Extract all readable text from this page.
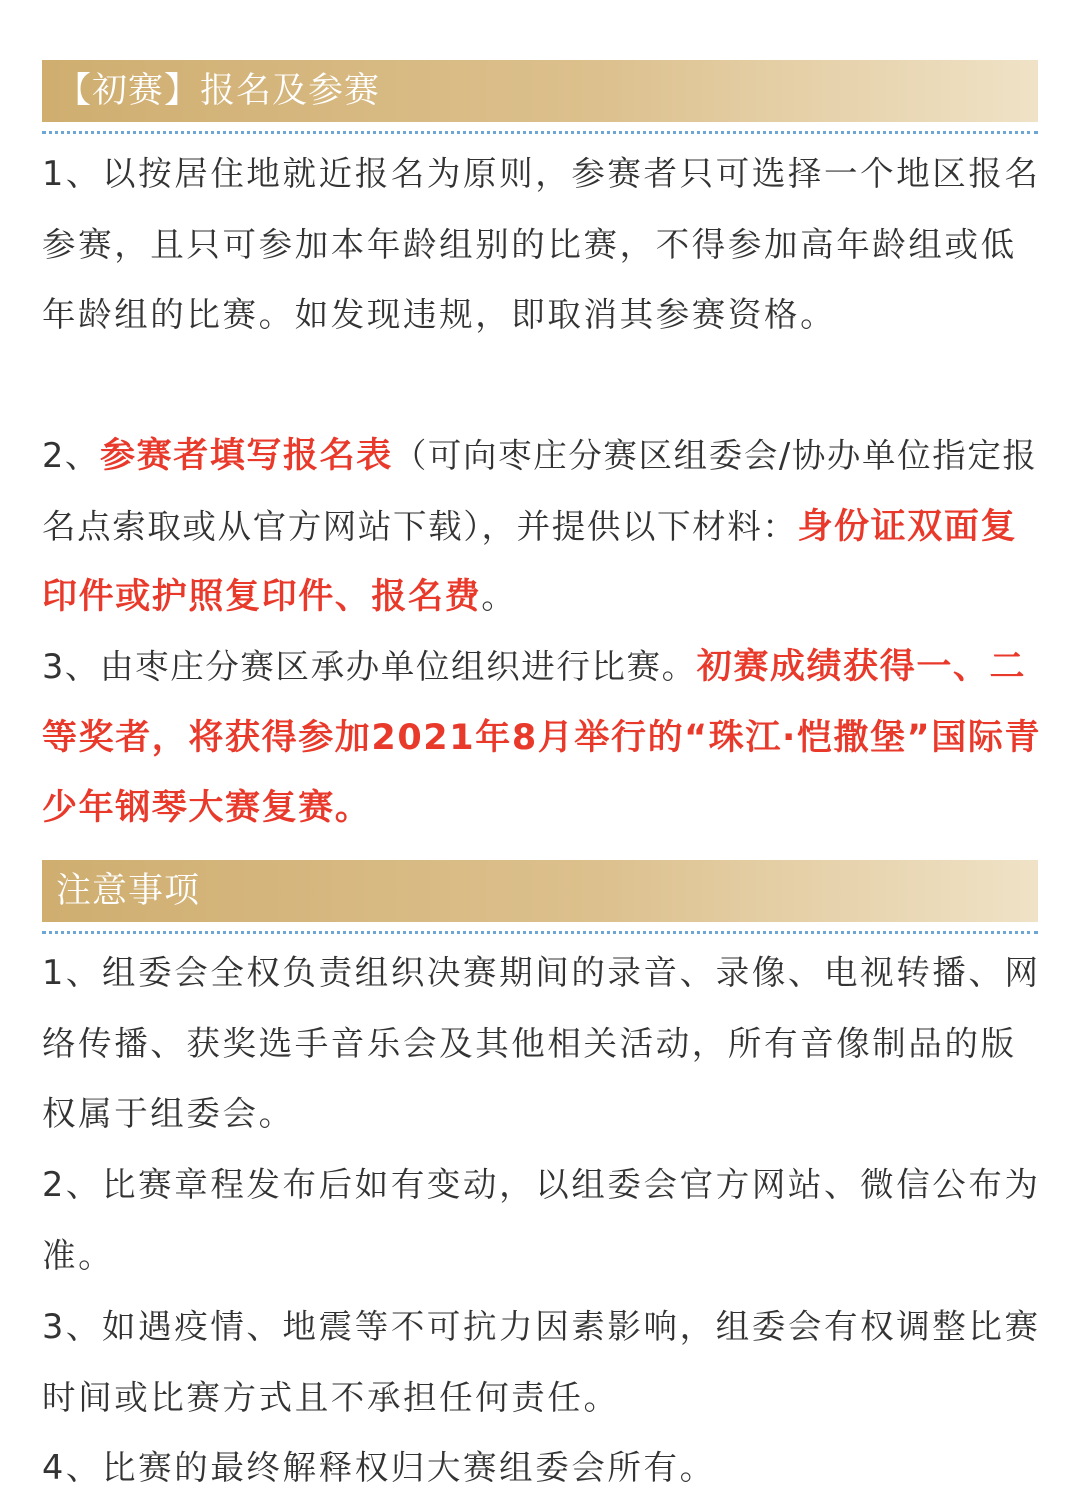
【初赛】报名及参赛

1、以按居住地就近报名为原则，参赛者只可选择一个地区报名参赛，且只可参加本年龄组别的比赛，不得参加高年龄组或低年龄组的比赛。如发现违规，即取消其参赛资格。

2、参赛者填写报名表（可向枣庄分赛区组委会/协办单位指定报名点索取或从官方网站下载），并提供以下材料：身份证双面复印件或护照复印件、报名费。

3、由枣庄分赛区承办单位组织进行比赛。初赛成绩获得一、二等奖者，将获得参加2021年8月举行的“珠江·恺撒堡”国际青少年钢琴大赛复赛。

注意事项

1、组委会全权负责组织决赛期间的录音、录像、电视转播、网络传播、获奖选手音乐会及其他相关活动，所有音像制品的版权属于组委会。

2、比赛章程发布后如有变动，以组委会官方网站、微信公布为准。

3、如遇疫情、地震等不可抗力因素影响，组委会有权调整比赛时间或比赛方式且不承担任何责任。

4、比赛的最终解释权归大赛组委会所有。
